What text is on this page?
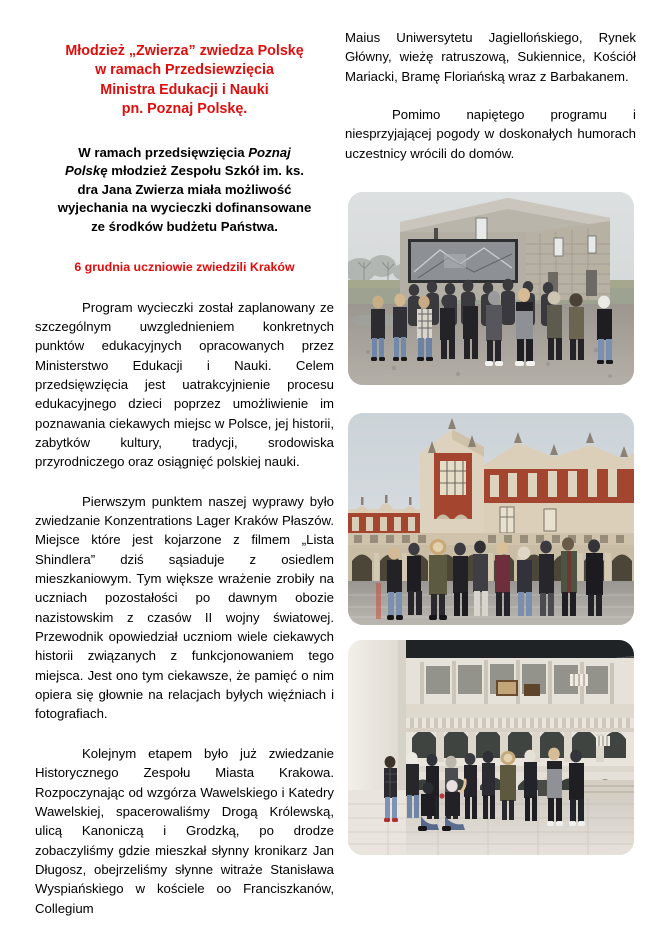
Młodzież „Zwierza” zwiedza Polskę
w ramach Przedsiewzięcia
Ministra Edukacji i Nauki
pn. Poznaj Polskę.
W ramach przedsięwzięcia Poznaj
Polskę młodzież Zespołu Szkół im. ks.
dra Jana Zwierza miała możliwość
wyjechania na wycieczki dofinansowane
ze środków budżetu Państwa.
6 grudnia uczniowie zwiedzili Kraków

Program wycieczki został zaplanowany ze szczególnym uwzglednieniem konkretnych punktów edukacyjnych opracowanych przez Ministerstwo Edukacji i Nauki. Celem przedsięwzięcia jest uatrakcyjnienie procesu edukacyjnego dzieci poprzez umożliwienie im poznawania ciekawych miejsc w Polsce, jej historii, zabytków kultury, tradycji, srodowiska przyrodniczego oraz osiągnięć polskiej nauki.

Pierwszym punktem naszej wyprawy było zwiedzanie Konzentrations Lager Kraków Płaszów. Miejsce które jest kojarzone z filmem „Lista Shindlera” dziś sąsiaduje z osiedlem mieszkaniowym. Tym większe wrażenie zrobiły na uczniach pozostałości po dawnym obozie nazistowskim z czasów II wojny światowej. Przewodnik opowiedział uczniom wiele ciekawych historii związanych z funkcjonowaniem tego miejsca. Jest ono tym ciekawsze, że pamięć o nim opiera się głownie na relacjach byłych więźniach i fotografiach.

Kolejnym etapem było już zwiedzanie Historycznego Zespołu Miasta Krakowa. Rozpoczynając od wzgórza Wawelskiego i Katedry Wawelskiej, spacerowaliśmy Drogą Królewską, ulicą Kanoniczą i Grodzką, po drodze zobaczyliśmy gdzie mieszkał słynny kronikarz Jan Długosz, obejrzeliśmy słynne witraże Stanisława Wyspiańskiego w kościele oo Franciszkanów, Collegium

Maius Uniwersytetu Jagiellońskiego, Rynek Główny, wieżę ratruszową, Sukiennice, Kościół Mariacki, Bramę Floriańską wraz z Barbakanem.

Pomimo napiętego programu i niesprzyjającej pogody w doskonałych humorach uczestnicy wrócili do domów.
